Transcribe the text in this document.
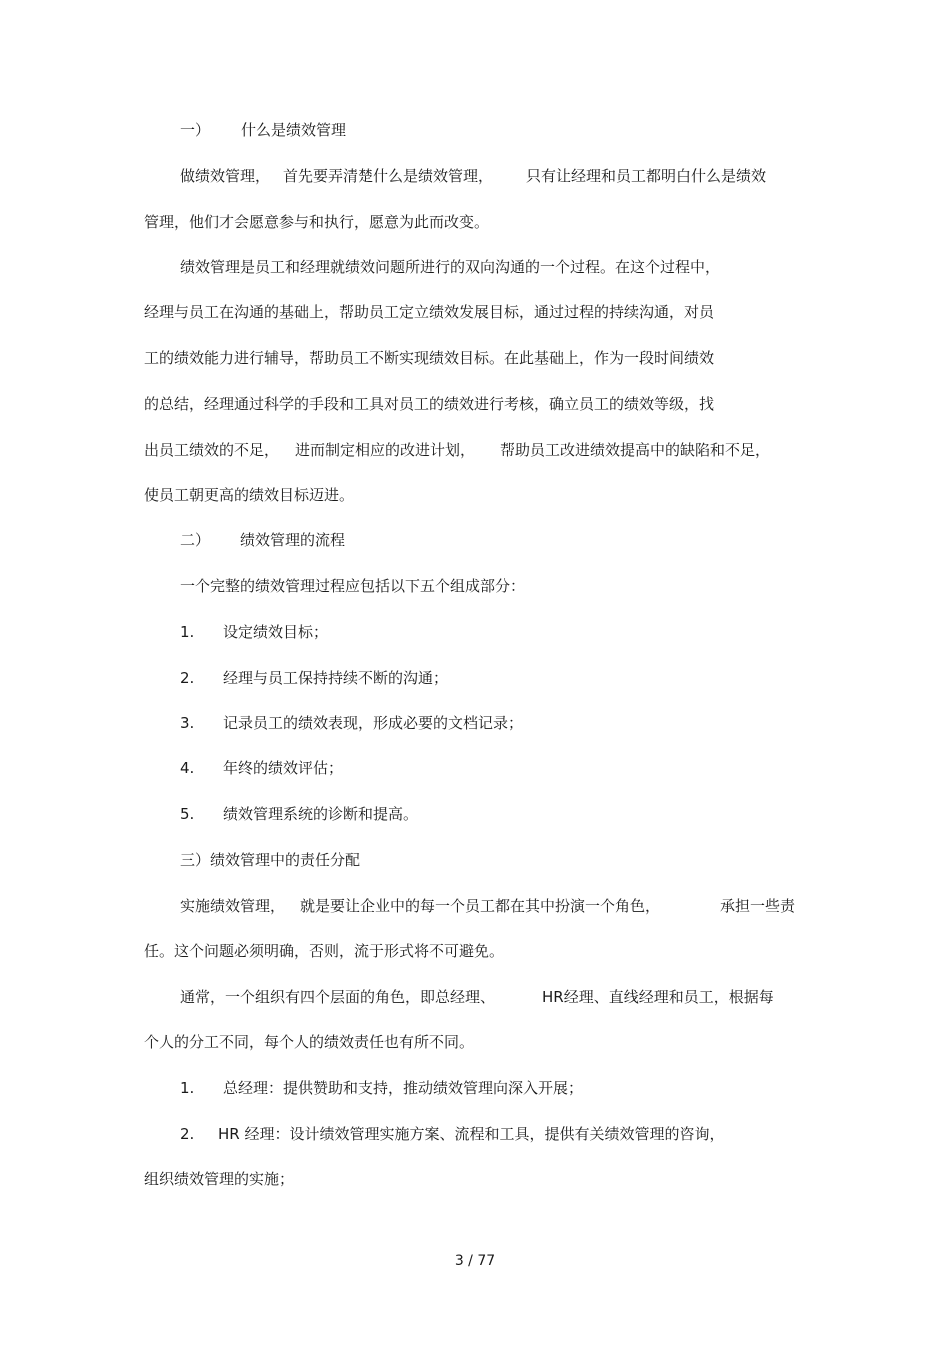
一） 什么是绩效管理
做绩效管理， 首先要弄清楚什么是绩效管理， 只有让经理和员工都明白什么是绩效
管理，他们才会愿意参与和执行，愿意为此而改变。
绩效管理是员工和经理就绩效问题所进行的双向沟通的一个过程。在这个过程中，
经理与员工在沟通的基础上，帮助员工定立绩效发展目标，通过过程的持续沟通，对员
工的绩效能力进行辅导，帮助员工不断实现绩效目标。在此基础上，作为一段时间绩效
的总结，经理通过科学的手段和工具对员工的绩效进行考核，确立员工的绩效等级，找
出员工绩效的不足， 进而制定相应的改进计划， 帮助员工改进绩效提高中的缺陷和不足，
使员工朝更高的绩效目标迈进。
二） 绩效管理的流程
一个完整的绩效管理过程应包括以下五个组成部分：
1. 设定绩效目标；
2. 经理与员工保持持续不断的沟通；
3. 记录员工的绩效表现，形成必要的文档记录；
4. 年终的绩效评估；
5. 绩效管理系统的诊断和提高。
三）绩效管理中的责任分配
实施绩效管理， 就是要让企业中的每一个员工都在其中扮演一个角色，	承担一些责
任。这个问题必须明确，否则，流于形式将不可避免。
通常，一个组织有四个层面的角色，即总经理、	HR经理、直线经理和员工，根据每
个人的分工不同，每个人的绩效责任也有所不同。
1. 总经理：提供赞助和支持，推动绩效管理向深入开展；
2. HR 经理：设计绩效管理实施方案、流程和工具，提供有关绩效管理的咨询，
组织绩效管理的实施；
3 / 77
